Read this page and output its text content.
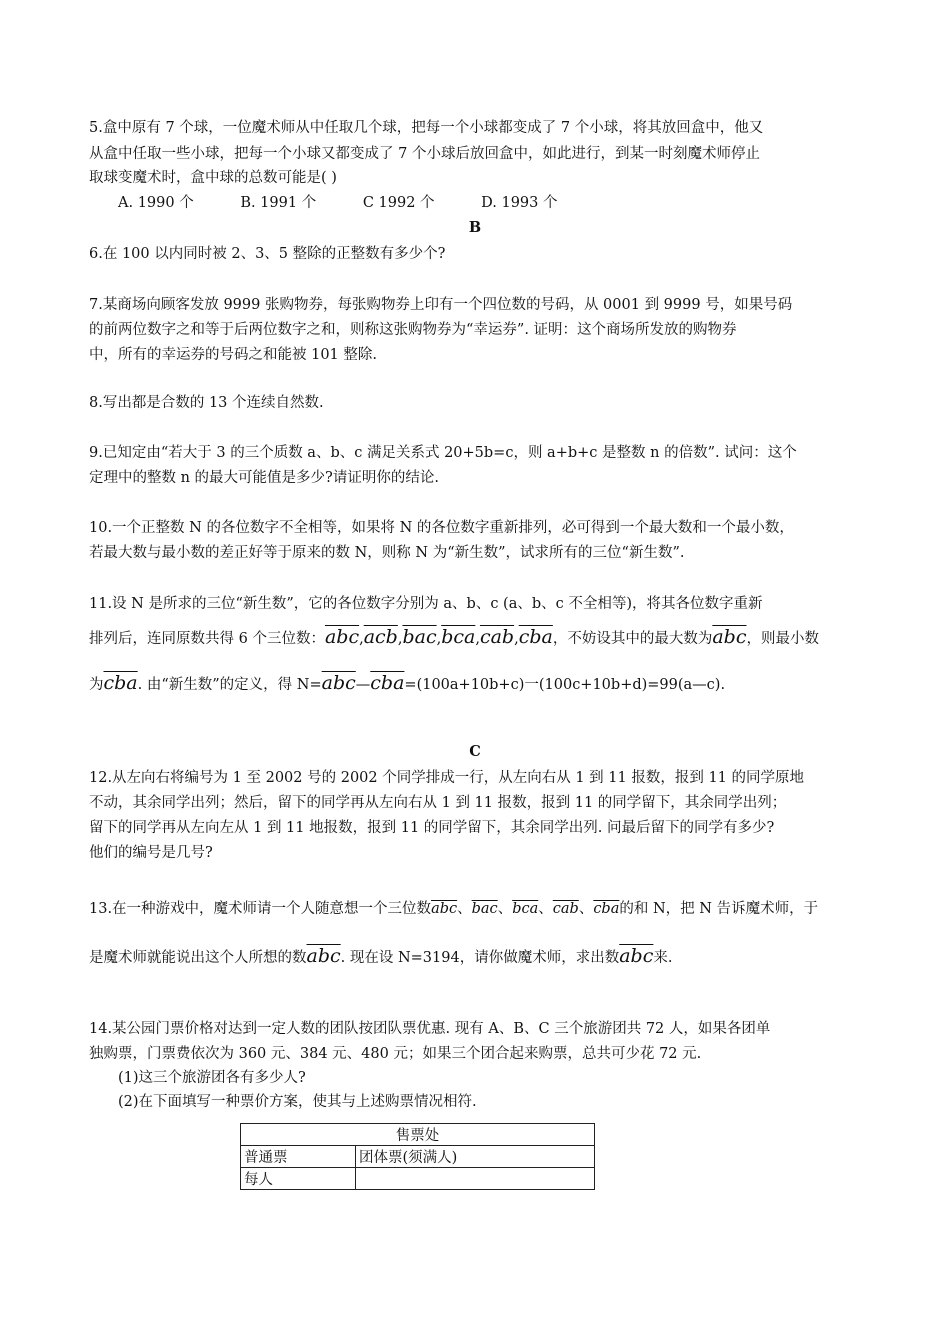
5.盒中原有 7 个球，一位魔术师从中任取几个球，把每一个小球都变成了 7 个小球，将其放回盒中，他又
从盒中任取一些小球，把每一个小球又都变成了 7 个小球后放回盒中，如此进行，到某一时刻魔术师停止
取球变魔术时，盒中球的总数可能是( )
A. 1990 个	B. 1991 个	C 1992 个	D. 1993 个
B
6.在 100 以内同时被 2、3、5 整除的正整数有多少个?
7.某商场向顾客发放 9999 张购物券，每张购物券上印有一个四位数的号码，从 0001 到 9999 号，如果号码
的前两位数字之和等于后两位数字之和，则称这张购物券为“幸运券”. 证明：这个商场所发放的购物券
中，所有的幸运券的号码之和能被 101 整除.
8.写出都是合数的 13 个连续自然数.
9.已知定由“若大于 3 的三个质数 a、b、c 满足关系式 20+5b=c，则 a+b+c 是整数 n 的倍数”. 试问：这个
定理中的整数 n 的最大可能值是多少?请证明你的结论.
10.一个正整数 N 的各位数字不全相等，如果将 N 的各位数字重新排列，必可得到一个最大数和一个最小数，
若最大数与最小数的差正好等于原来的数 N，则称 N 为“新生数”，试求所有的三位“新生数”.
11.设 N 是所求的三位“新生数”，它的各位数字分别为 a、b、c (a、b、c 不全相等)，将其各位数字重新
排列后，连同原数共得 6 个三位数：$\overline{abc},\overline{acb},\overline{bac},\overline{bca},\overline{cab},\overline{cba}$，不妨设其中的最大数为$\overline{abc}$，则最小数
为$\overline{cba}$. 由“新生数”的定义，得 $N=\overline{abc}—\overline{cba}=(100a+10b+c)$一(100c+10b+d)=99(a—c).
C
12.从左向右将编号为 1 至 2002 号的 2002 个同学排成一行，从左向右从 1 到 11 报数，报到 11 的同学原地
不动，其余同学出列；然后，留下的同学再从左向右从 1 到 11 报数，报到 11 的同学留下，其余同学出列；
留下的同学再从左向左从 1 到 11 地报数，报到 11 的同学留下，其余同学出列. 问最后留下的同学有多少?
他们的编号是几号?
13.在一种游戏中，魔术师请一个人随意想一个三位数$\overline{abc}$、$\overline{bac}$、$\overline{bca}$、$\overline{cab}$、$\overline{cba}$的和 N，把 N 告诉魔术师，于
是魔术师就能说出这个人所想的数$\overline{abc}$. 现在设 N=3194，请你做魔术师，求出数$\overline{abc}$来.
14.某公园门票价格对达到一定人数的团队按团队票优惠. 现有 A、B、C 三个旅游团共 72 人，如果各团单
独购票，门票费依次为 360 元、384 元、480 元；如果三个团合起来购票，总共可少花 72 元.
(1)这三个旅游团各有多少人?
(2)在下面填写一种票价方案，使其与上述购票情况相符.
售票处	
普通票	团体票(须满人)
每人	
